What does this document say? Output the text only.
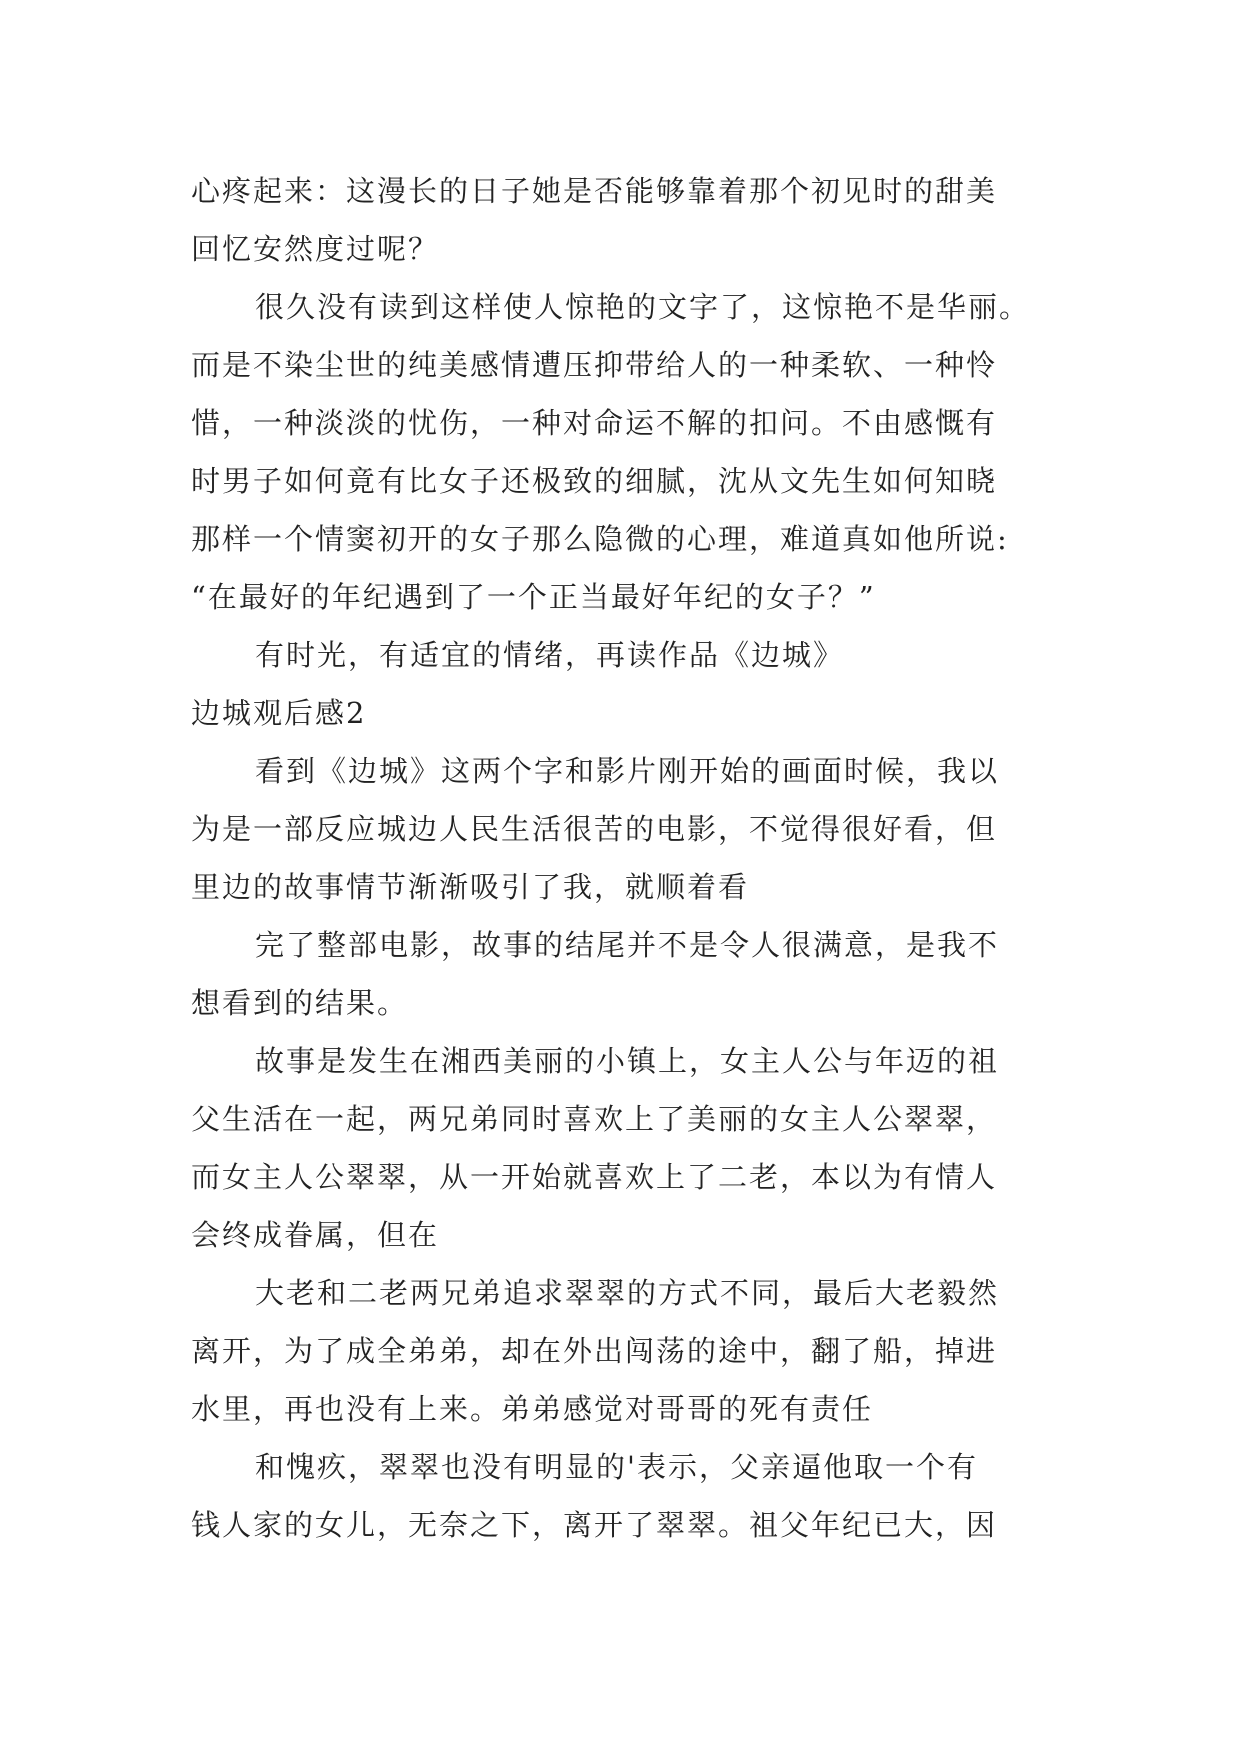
心疼起来：这漫长的日子她是否能够靠着那个初见时的甜美
回忆安然度过呢？
很久没有读到这样使人惊艳的文字了，这惊艳不是华丽。
而是不染尘世的纯美感情遭压抑带给人的一种柔软、一种怜
惜，一种淡淡的忧伤，一种对命运不解的扣问。不由感慨有
时男子如何竟有比女子还极致的细腻，沈从文先生如何知晓
那样一个情窦初开的女子那么隐微的心理，难道真如他所说:
“在最好的年纪遇到了一个正当最好年纪的女子？”
有时光，有适宜的情绪，再读作品《边城》
边城观后感2
看到《边城》这两个字和影片刚开始的画面时候，我以
为是一部反应城边人民生活很苦的电影，不觉得很好看，但
里边的故事情节渐渐吸引了我，就顺着看
完了整部电影，故事的结尾并不是令人很满意，是我不
想看到的结果。
故事是发生在湘西美丽的小镇上，女主人公与年迈的祖
父生活在一起，两兄弟同时喜欢上了美丽的女主人公翠翠，
而女主人公翠翠，从一开始就喜欢上了二老，本以为有情人
会终成眷属，但在
大老和二老两兄弟追求翠翠的方式不同，最后大老毅然
离开，为了成全弟弟，却在外出闯荡的途中，翻了船，掉进
水里，再也没有上来。弟弟感觉对哥哥的死有责任
和愧疚，翠翠也没有明显的'表示，父亲逼他取一个有
钱人家的女儿，无奈之下，离开了翠翠。祖父年纪已大，因
